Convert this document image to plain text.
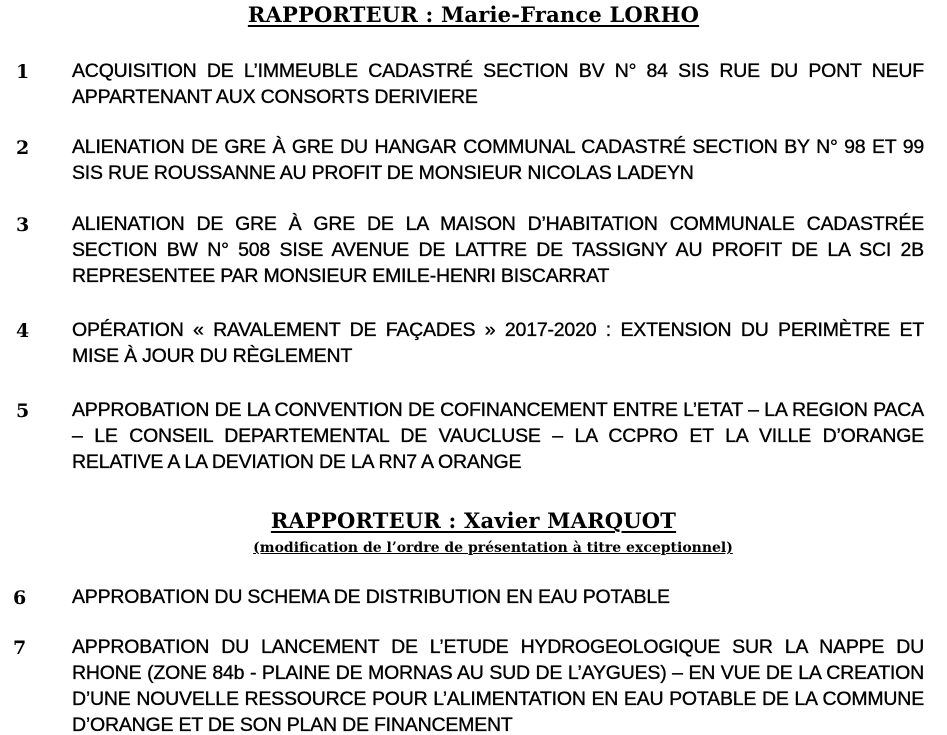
RAPPORTEUR : Marie-France LORHO
1	ACQUISITION DE L’IMMEUBLE CADASTRÉ SECTION BV N° 84 SIS RUE DU PONT NEUF APPARTENANT AUX CONSORTS DERIVIERE
2	ALIENATION DE GRE À GRE DU HANGAR COMMUNAL CADASTRÉ SECTION BY N° 98 ET 99 SIS RUE ROUSSANNE AU PROFIT DE MONSIEUR NICOLAS LADEYN
3	ALIENATION DE GRE À GRE DE LA MAISON D’HABITATION COMMUNALE CADASTRÉE SECTION BW N° 508 SISE AVENUE DE LATTRE DE TASSIGNY AU PROFIT DE LA SCI 2B REPRESENTEE PAR MONSIEUR EMILE-HENRI BISCARRAT
4	OPÉRATION « RAVALEMENT DE FAÇADES » 2017-2020 : EXTENSION DU PERIMÈTRE ET MISE À JOUR DU RÈGLEMENT
5	APPROBATION DE LA CONVENTION DE COFINANCEMENT ENTRE L’ETAT – LA REGION PACA – LE CONSEIL DEPARTEMENTAL DE VAUCLUSE – LA CCPRO ET LA VILLE D’ORANGE RELATIVE A LA DEVIATION DE LA RN7 A ORANGE
RAPPORTEUR : Xavier MARQUOT
(modification de l’ordre de présentation à titre exceptionnel)
6	APPROBATION DU SCHEMA DE DISTRIBUTION EN EAU POTABLE
7	APPROBATION DU LANCEMENT DE L’ETUDE HYDROGEOLOGIQUE SUR LA NAPPE DU RHONE (ZONE 84b - PLAINE DE MORNAS AU SUD DE L’AYGUES) – EN VUE DE LA CREATION D’UNE NOUVELLE RESSOURCE POUR L’ALIMENTATION EN EAU POTABLE DE LA COMMUNE D’ORANGE ET DE SON PLAN DE FINANCEMENT
